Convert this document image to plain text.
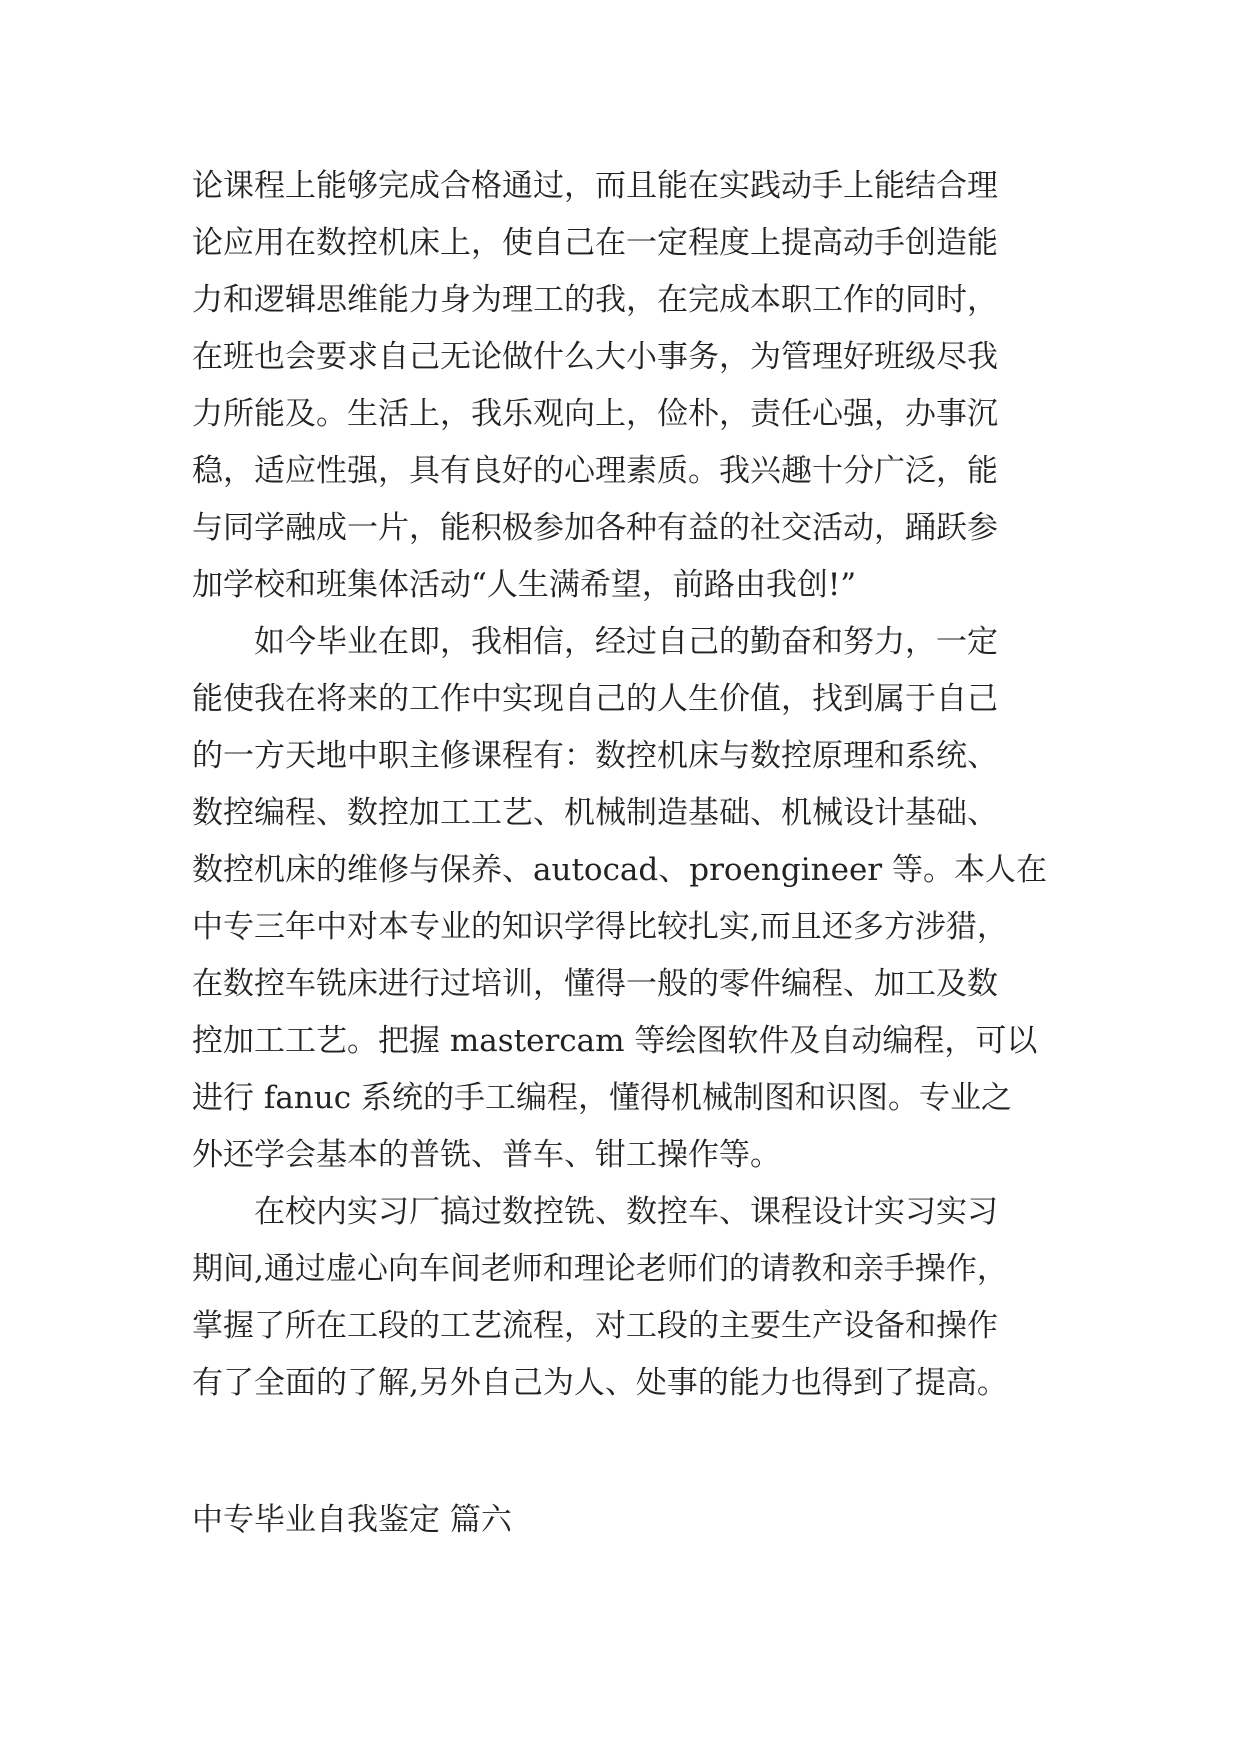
论课程上能够完成合格通过，而且能在实践动手上能结合理
论应用在数控机床上，使自己在一定程度上提高动手创造能
力和逻辑思维能力身为理工的我，在完成本职工作的同时，
在班也会要求自己无论做什么大小事务，为管理好班级尽我
力所能及。生活上，我乐观向上，俭朴，责任心强，办事沉
稳，适应性强，具有良好的心理素质。我兴趣十分广泛，能
与同学融成一片，能积极参加各种有益的社交活动，踊跃参
加学校和班集体活动“人生满希望，前路由我创!”
　　如今毕业在即，我相信，经过自己的勤奋和努力，一定
能使我在将来的工作中实现自己的人生价值，找到属于自己
的一方天地中职主修课程有：数控机床与数控原理和系统、
数控编程、数控加工工艺、机械制造基础、机械设计基础、
数控机床的维修与保养、autocad、proengineer 等。本人在
中专三年中对本专业的知识学得比较扎实,而且还多方涉猎，
在数控车铣床进行过培训，懂得一般的零件编程、加工及数
控加工工艺。把握 mastercam 等绘图软件及自动编程，可以
进行 fanuc 系统的手工编程，懂得机械制图和识图。专业之
外还学会基本的普铣、普车、钳工操作等。
　　在校内实习厂搞过数控铣、数控车、课程设计实习实习
期间,通过虚心向车间老师和理论老师们的请教和亲手操作，
掌握了所在工段的工艺流程，对工段的主要生产设备和操作
有了全面的了解,另外自己为人、处事的能力也得到了提高。
中专毕业自我鉴定 篇六
